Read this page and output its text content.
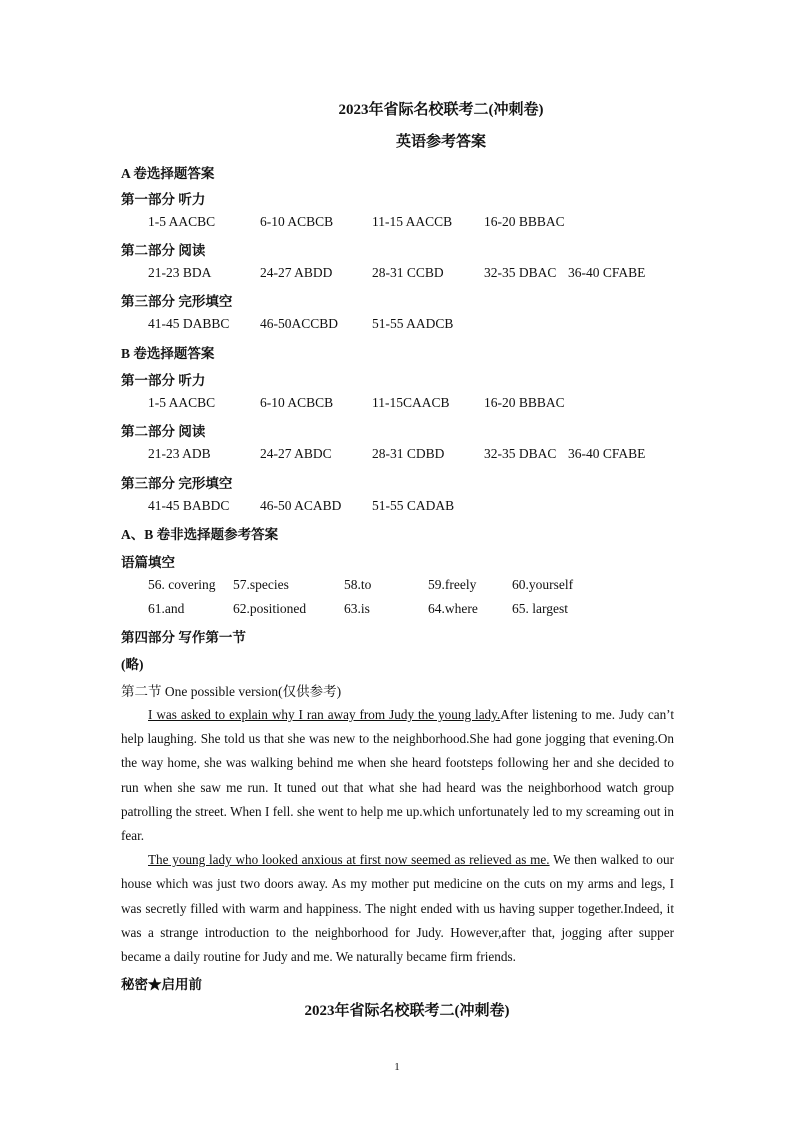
2023年省际名校联考二(冲刺卷)
英语参考答案
A 卷选择题答案
第一部分 听力
1-5 AACBC	6-10 ACBCB	11-15 AACCB 16-20 BBBAC
第二部分 阅读
21-23 BDA	24-27 ABDD	28-31 CCBD	32-35 DBAC 36-40 CFABE
第三部分 完形填空
41-45 DABBC 46-50ACCBD	51-55 AADCB
B 卷选择题答案
第一部分 听力
1-5 AACBC	6-10 ACBCB	11-15CAACB	16-20 BBBAC
第二部分 阅读
21-23 ADB	24-27 ABDC	28-31 CDBD	32-35 DBAC 36-40 CFABE
第三部分 完形填空
41-45 BABDC 46-50 ACABD 51-55 CADAB
A、B 卷非选择题参考答案
语篇填空
56. covering 57.species	58.to	59.freely	60.yourself
61.and	62.positioned	63.is	64.where	65. largest
第四部分 写作第一节
(略)
第二节 One possible version(仅供参考)

I was asked to explain why I ran away from Judy the young lady.After listening to me. Judy can’t help laughing. She told us that she was new to the neighborhood.She had gone jogging that evening.On the way home, she was walking behind me when she heard footsteps following her and she decided to run when she saw me run. It tuned out that what she had heard was the neighborhood watch group patrolling the street. When I fell. she went to help me up.which unfortunately led to my screaming out in fear.

The young lady who looked anxious at first now seemed as relieved as me. We then walked to our house which was just two doors away. As my mother put medicine on the cuts on my arms and legs, I was secretly filled with warm and happiness. The night ended with us having supper together.Indeed, it was a strange introduction to the neighborhood for Judy. However,after that, jogging after supper became a daily routine for Judy and me. We naturally became firm friends.

秘密★启用前
2023年省际名校联考二(冲刺卷)
1
